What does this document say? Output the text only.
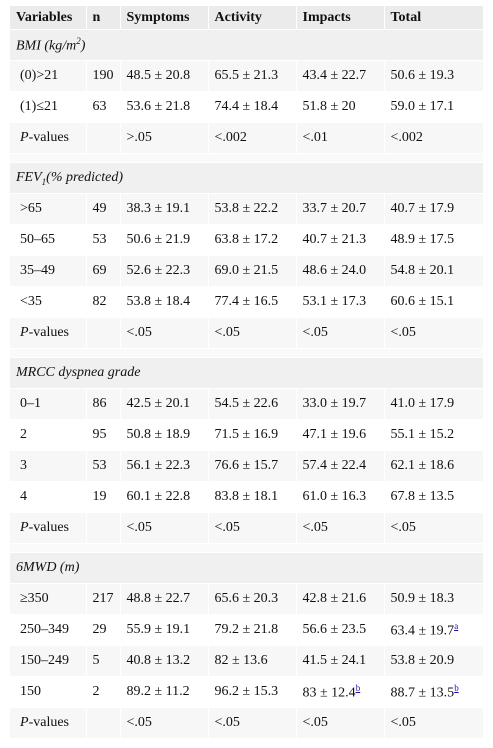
Variables	n	Symptoms	Activity	Impacts	Total
BMI $(kg/m^2)$					
(0)>21	190	48.5 ± 20.8	65.5 ± 21.3	43.4 ± 22.7	50.6 ± 19.3
(1)≤21	63	53.6 ± 21.8	74.4 ± 18.4	51.8 ± 20	59.0 ± 17.1
P-values		>.05	<.002	<.01	<.002

$FEV_1(\%$ predicted)					
>65	49	38.3 ± 19.1	53.8 ± 22.2	33.7 ± 20.7	40.7 ± 17.9
50–65	53	50.6 ± 21.9	63.8 ± 17.2	40.7 ± 21.3	48.9 ± 17.5
35–49	69	52.6 ± 22.3	69.0 ± 21.5	48.6 ± 24.0	54.8 ± 20.1
<35	82	53.8 ± 18.4	77.4 ± 16.5	53.1 ± 17.3	60.6 ± 15.1
P-values		<.05	<.05	<.05	<.05

MRCC dyspnea grade					
0–1	86	42.5 ± 20.1	54.5 ± 22.6	33.0 ± 19.7	41.0 ± 17.9
2	95	50.8 ± 18.9	71.5 ± 16.9	47.1 ± 19.6	55.1 ± 15.2
3	53	56.1 ± 22.3	76.6 ± 15.7	57.4 ± 22.4	62.1 ± 18.6
4	19	60.1 ± 22.8	83.8 ± 18.1	61.0 ± 16.3	67.8 ± 13.5
P-values		<.05	<.05	<.05	<.05

6MWD (m)					
≥350	217	48.8 ± 22.7	65.6 ± 20.3	42.8 ± 21.6	50.9 ± 18.3
250–349	29	55.9 ± 19.1	79.2 ± 21.8	56.6 ± 23.5	63.4 ± 19.7$^a$
150–249	5	40.8 ± 13.2	82 ± 13.6	41.5 ± 24.1	53.8 ± 20.9
150	2	89.2 ± 11.2	96.2 ± 15.3	83 ± 12.4$^b$	88.7 ± 13.5$^b$
P-values		<.05	<.05	<.05	<.05
